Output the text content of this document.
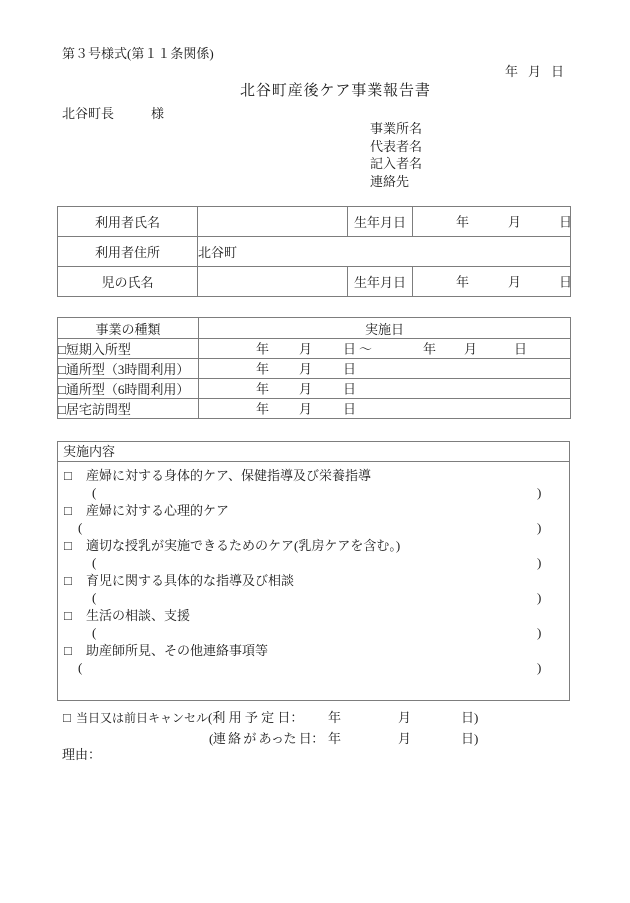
第３号様式(第１１条関係)
年 月 日
北谷町産後ケア事業報告書
北谷町長	様
事業所名
代表者名
記入者名
連絡先
利用者氏名		生年月日	年 月 日

利用者住所	北谷町		
児の氏名		生年月日	年 月 日
事業の種類	実施日
□短期入所型	年 月 日 ～	年 月	日

□通所型（3時間利用）	年 月 日

□通所型（6時間利用）	年 月 日

□居宅訪問型	年 月 日
実施内容
□ 産婦に対する身体的ケア、保健指導及び栄養指導
(	)
□ 産婦に対する心理的ケア
(	)
□ 適切な授乳が実施できるためのケア(乳房ケアを含む。)
(	)
□ 育児に関する具体的な指導及び相談
(	)
□ 生活の相談、支援
(	)
□ 助産師所見、その他連絡事項等
(	)
□ 当日又は前日キャンセル (利 用 予 定 日： 年	月	日)
(連 絡 が あった 日： 年	月	日)
理由：
